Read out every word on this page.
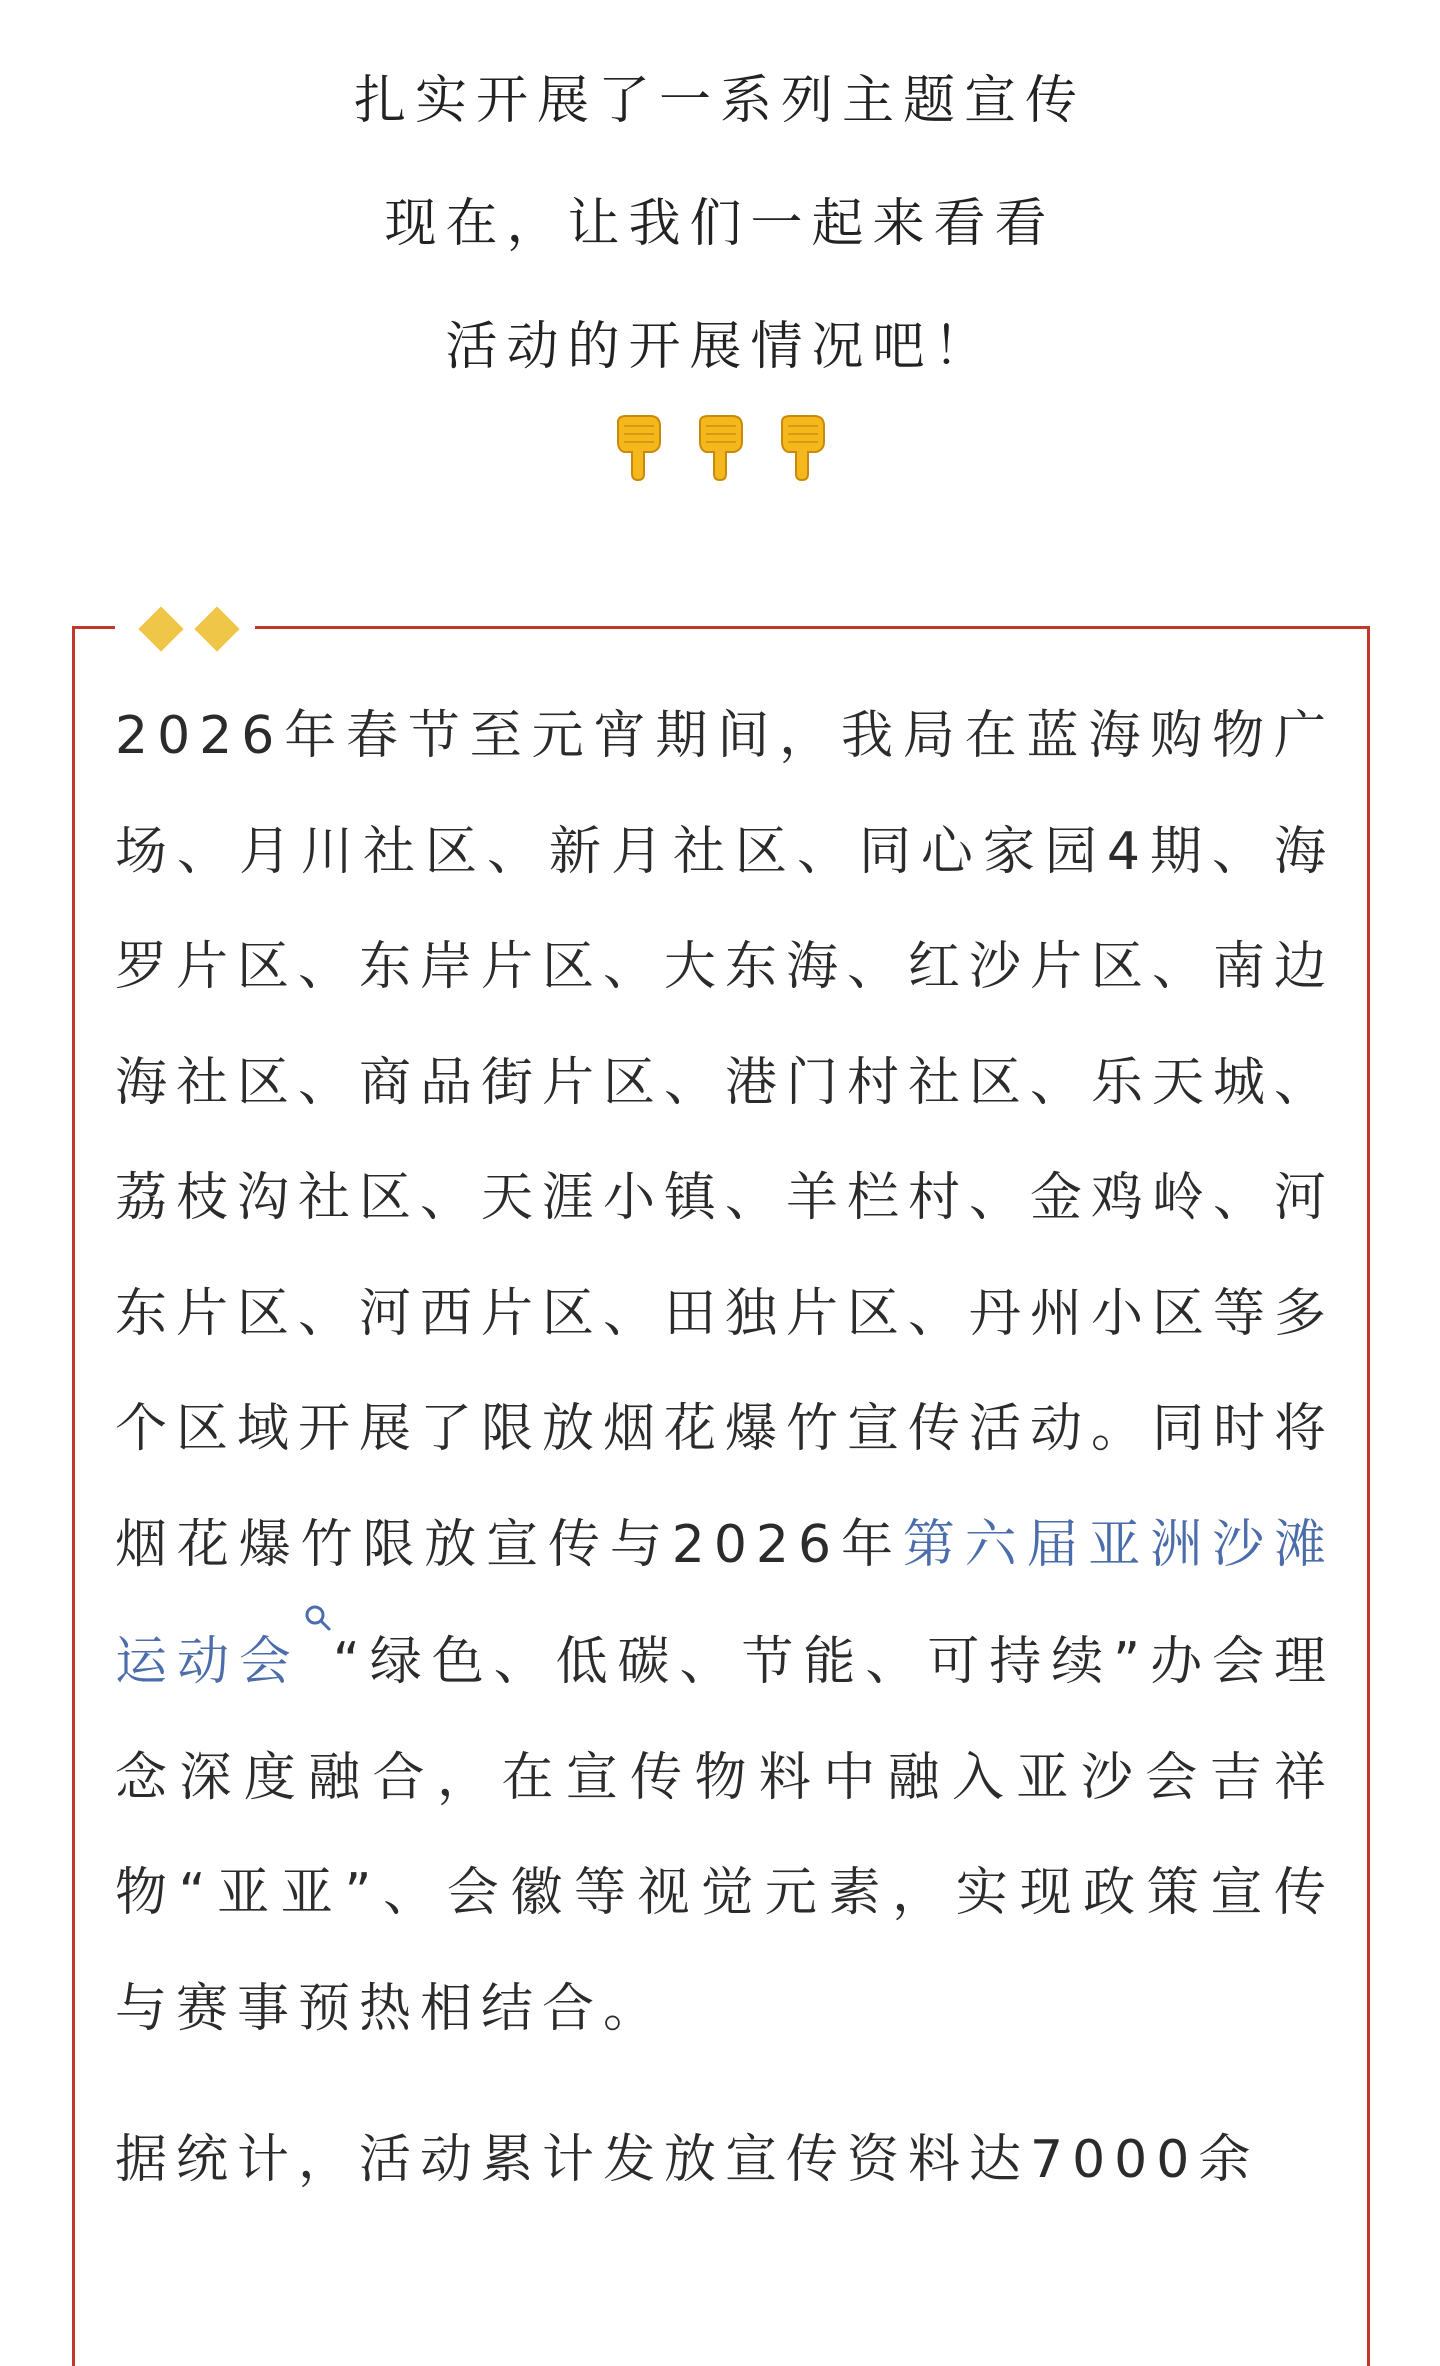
扎实开展了一系列主题宣传
现在，让我们一起来看看
活动的开展情况吧！

2026年春节至元宵期间，我局在蓝海购物广场、月川社区、新月社区、同心家园4期、海罗片区、东岸片区、大东海、红沙片区、南边海社区、商品街片区、港门村社区、乐天城、荔枝沟社区、天涯小镇、羊栏村、金鸡岭、河东片区、河西片区、田独片区、丹州小区等多个区域开展了限放烟花爆竹宣传活动。同时将烟花爆竹限放宣传与2026年第六届亚洲沙滩运动会 “绿色、低碳、节能、可持续”办会理念深度融合，在宣传物料中融入亚沙会吉祥物“亚亚”、会徽等视觉元素，实现政策宣传与赛事预热相结合。

据统计，活动累计发放宣传资料达7000余
